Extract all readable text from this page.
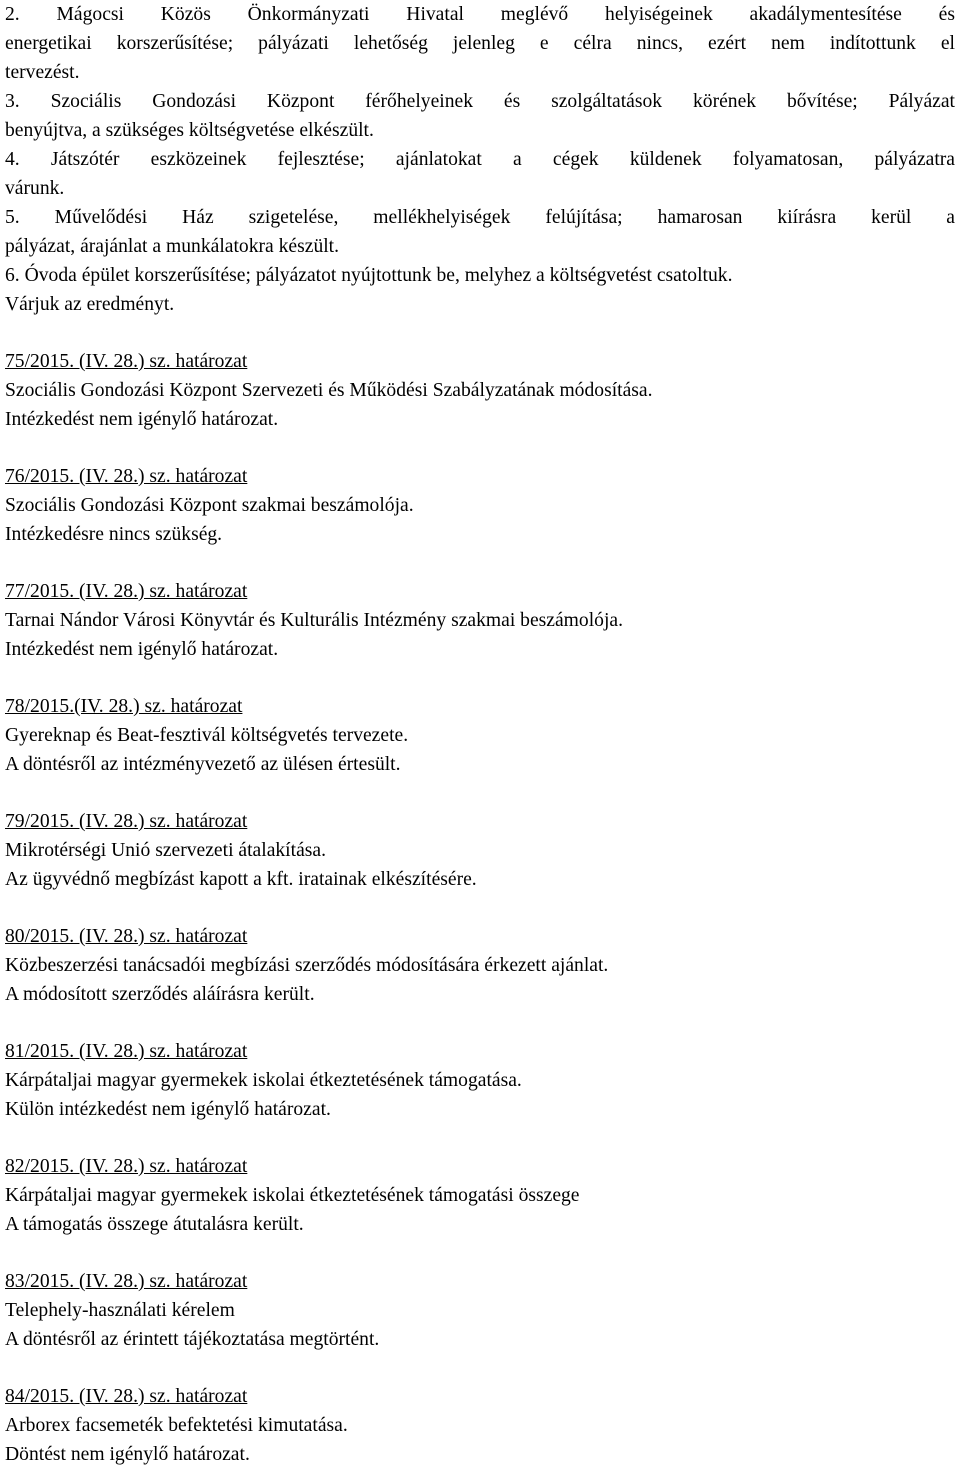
2. Mágocsi Közös Önkormányzati Hivatal meglévő helyiségeinek akadálymentesítése és
energetikai korszerűsítése; pályázati lehetőség jelenleg e célra nincs, ezért nem indítottunk el
tervezést.
3. Szociális Gondozási Központ férőhelyeinek és szolgáltatások körének bővítése; Pályázat
benyújtva, a szükséges költségvetése elkészült.
4. Játszótér eszközeinek fejlesztése; ajánlatokat a cégek küldenek folyamatosan, pályázatra
várunk.
5. Művelődési Ház szigetelése, mellékhelyiségek felújítása; hamarosan kiírásra kerül a
pályázat, árajánlat a munkálatokra készült.
6. Óvoda épület korszerűsítése; pályázatot nyújtottunk be, melyhez a költségvetést csatoltuk.
Várjuk az eredményt.
75/2015. (IV. 28.) sz. határozat
Szociális Gondozási Központ Szervezeti és Működési Szabályzatának módosítása.
Intézkedést nem igénylő határozat.
76/2015. (IV. 28.) sz. határozat
Szociális Gondozási Központ szakmai beszámolója.
Intézkedésre nincs szükség.
77/2015. (IV. 28.) sz. határozat
Tarnai Nándor Városi Könyvtár és Kulturális Intézmény szakmai beszámolója.
Intézkedést nem igénylő határozat.
78/2015.(IV. 28.) sz. határozat
Gyereknap és Beat-fesztivál költségvetés tervezete.
A döntésről az intézményvezető az ülésen értesült.
79/2015. (IV. 28.) sz. határozat
Mikrotérségi Unió szervezeti átalakítása.
Az ügyvédnő megbízást kapott a kft. iratainak elkészítésére.
80/2015. (IV. 28.) sz. határozat
Közbeszerzési tanácsadói megbízási szerződés módosítására érkezett ajánlat.
A módosított szerződés aláírásra került.
81/2015. (IV. 28.) sz. határozat
Kárpátaljai magyar gyermekek iskolai étkeztetésének támogatása.
Külön intézkedést nem igénylő határozat.
82/2015. (IV. 28.) sz. határozat
Kárpátaljai magyar gyermekek iskolai étkeztetésének támogatási összege
A támogatás összege átutalásra került.
83/2015. (IV. 28.) sz. határozat
Telephely-használati kérelem
A döntésről az érintett tájékoztatása megtörtént.
84/2015. (IV. 28.) sz. határozat
Arborex facsemeték befektetési kimutatása.
Döntést nem igénylő határozat.
